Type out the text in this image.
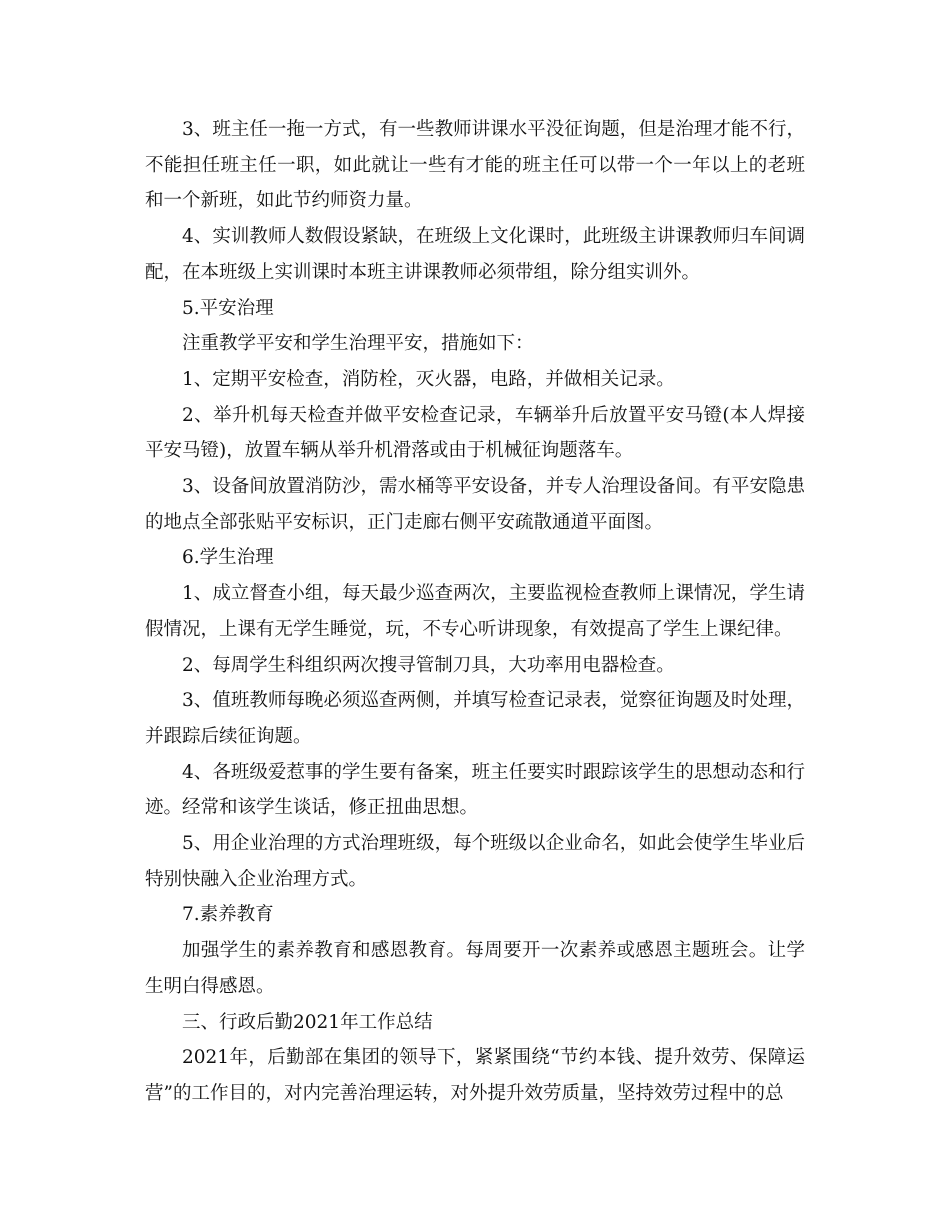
3、班主任一拖一方式，有一些教师讲课水平没征询题，但是治理才能不行，不能担任班主任一职，如此就让一些有才能的班主任可以带一个一年以上的老班和一个新班，如此节约师资力量。

4、实训教师人数假设紧缺，在班级上文化课时，此班级主讲课教师归车间调配，在本班级上实训课时本班主讲课教师必须带组，除分组实训外。

5.平安治理

注重教学平安和学生治理平安，措施如下：

1、定期平安检查，消防栓，灭火器，电路，并做相关记录。

2、举升机每天检查并做平安检查记录，车辆举升后放置平安马镫(本人焊接平安马镫)，放置车辆从举升机滑落或由于机械征询题落车。

3、设备间放置消防沙，需水桶等平安设备，并专人治理设备间。有平安隐患的地点全部张贴平安标识，正门走廊右侧平安疏散通道平面图。

6.学生治理

1、成立督查小组，每天最少巡查两次，主要监视检查教师上课情况，学生请假情况，上课有无学生睡觉，玩，不专心听讲现象，有效提高了学生上课纪律。

2、每周学生科组织两次搜寻管制刀具，大功率用电器检查。

3、值班教师每晚必须巡查两侧，并填写检查记录表，觉察征询题及时处理，并跟踪后续征询题。

4、各班级爱惹事的学生要有备案，班主任要实时跟踪该学生的思想动态和行迹。经常和该学生谈话，修正扭曲思想。

5、用企业治理的方式治理班级，每个班级以企业命名，如此会使学生毕业后特别快融入企业治理方式。

7.素养教育

加强学生的素养教育和感恩教育。每周要开一次素养或感恩主题班会。让学生明白得感恩。

三、行政后勤2021年工作总结

2021年，后勤部在集团的领导下，紧紧围绕“节约本钱、提升效劳、保障运营”的工作目的，对内完善治理运转，对外提升效劳质量，坚持效劳过程中的总
